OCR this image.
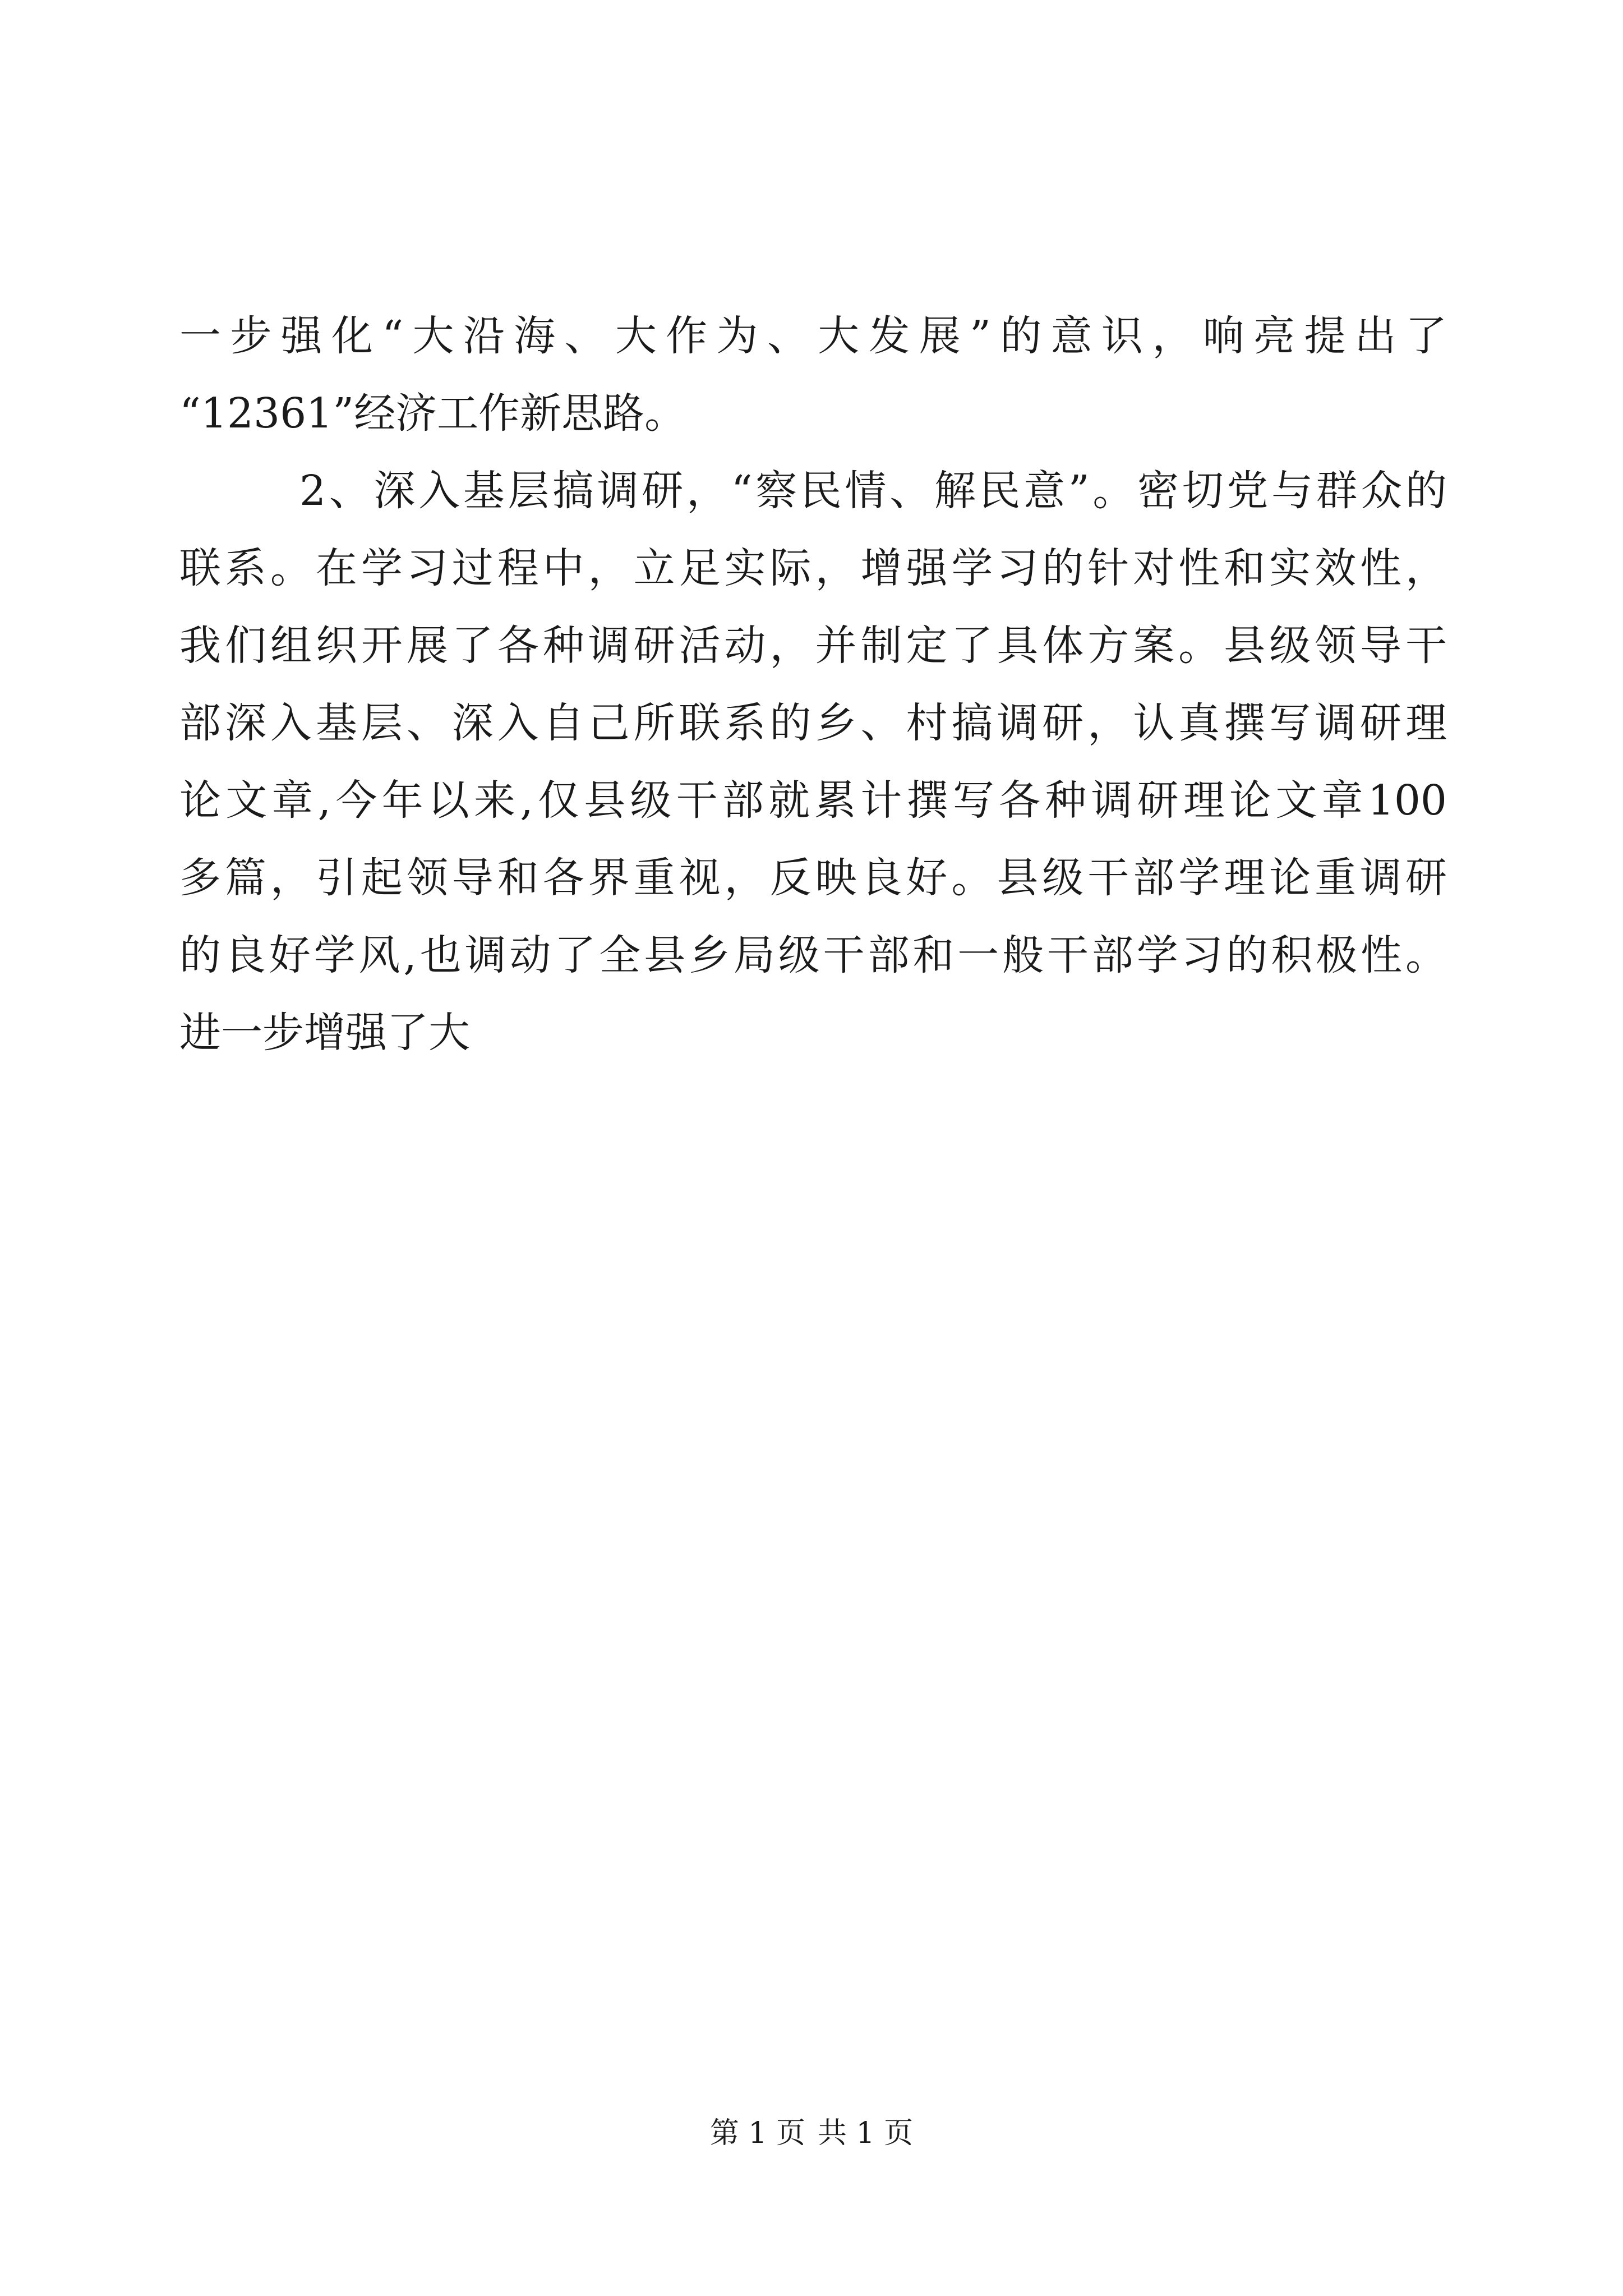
一步强化“大沿海、大作为、大发展”的意识，响亮提出了
“12361”经济工作新思路。
2、深入基层搞调研，“察民情、解民意”。密切党与群众的
联系。在学习过程中，立足实际，增强学习的针对性和实效性，
我们组织开展了各种调研活动，并制定了具体方案。县级领导干
部深入基层、深入自己所联系的乡、村搞调研，认真撰写调研理
论文章,今年以来,仅县级干部就累计撰写各种调研理论文章100
多篇，引起领导和各界重视，反映良好。县级干部学理论重调研
的良好学风,也调动了全县乡局级干部和一般干部学习的积极性。
进一步增强了大
第 1 页 共 1 页
